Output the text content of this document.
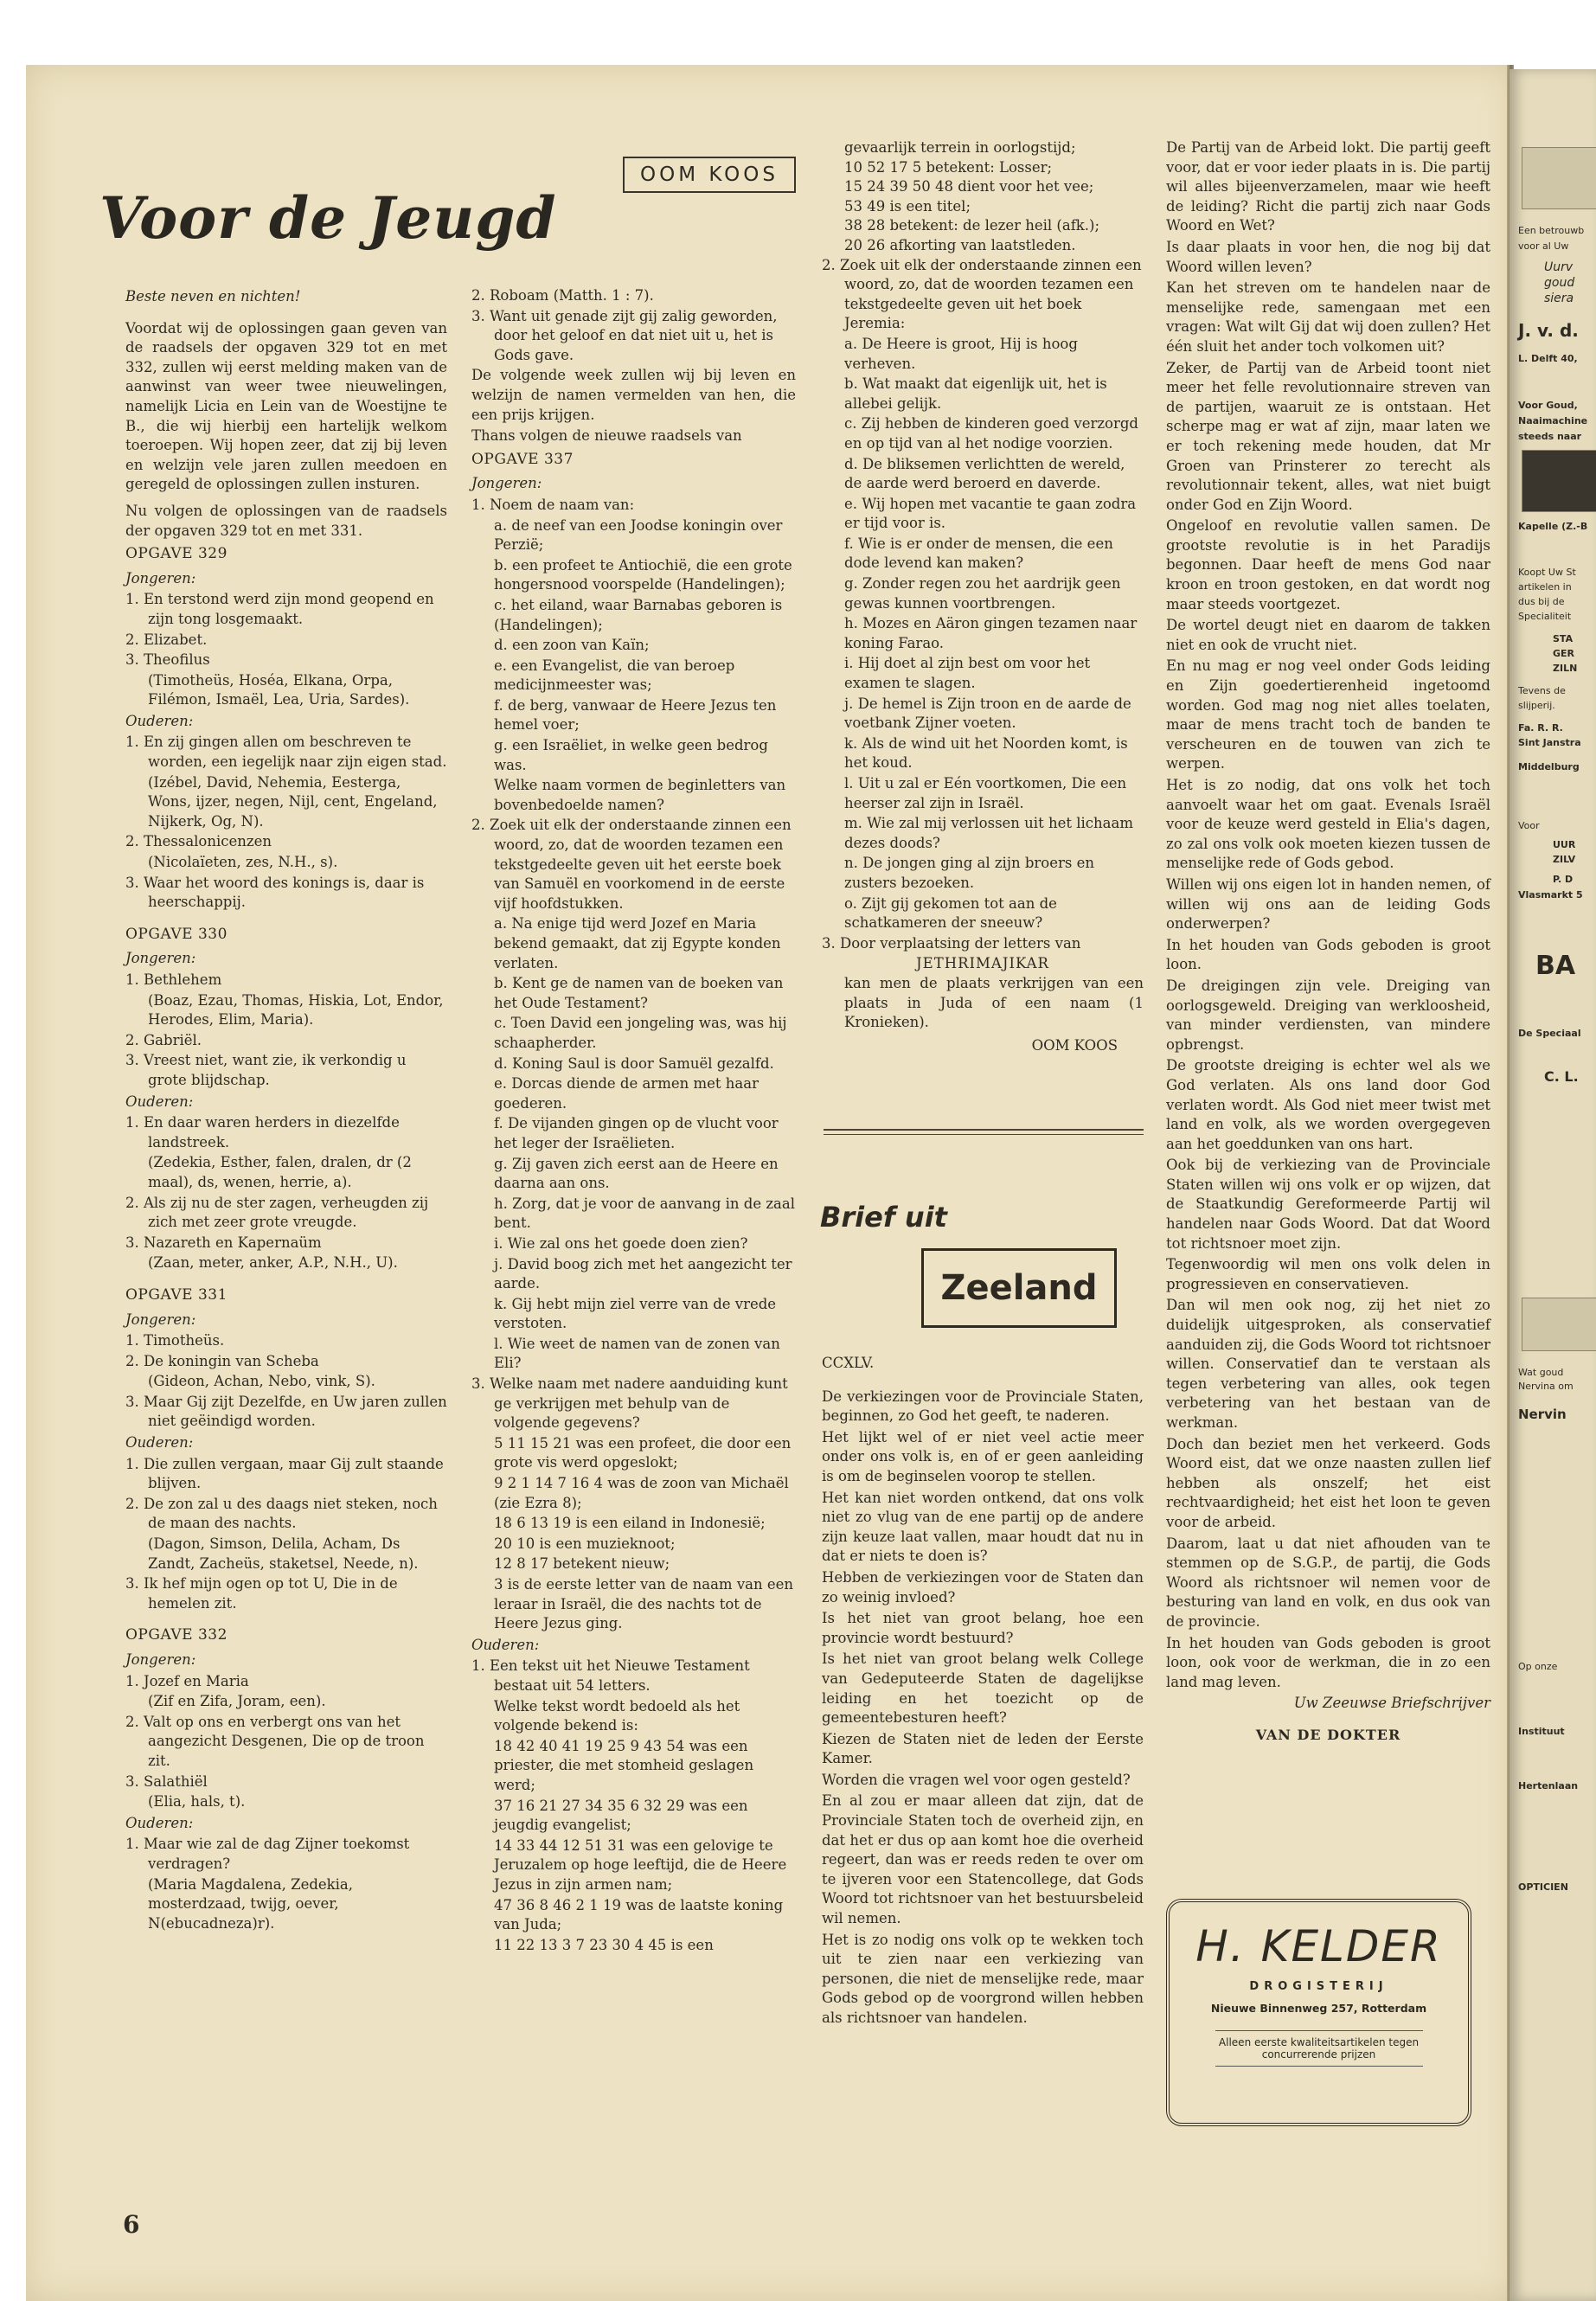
Voor de Jeugd
OOM KOOS

Beste neven en nichten!

Voordat wij de oplossingen gaan geven van de raadsels der opgaven 329 tot en met 332, zullen wij eerst melding maken van de aanwinst van weer twee nieuwelingen, namelijk Licia en Lein van de Woestijne te B., die wij hierbij een hartelijk welkom toeroepen. Wij hopen zeer, dat zij bij leven en welzijn vele jaren zullen meedoen en geregeld de oplossingen zullen insturen.

Nu volgen de oplossingen van de raadsels der opgaven 329 tot en met 331.

OPGAVE 329
Jongeren:
1. En terstond werd zijn mond geopend en zijn tong losgemaakt.
2. Elizabet.
3. Theofilus
(Timotheüs, Hoséa, Elkana, Orpa, Filémon, Ismaël, Lea, Uria, Sardes).
Ouderen:
1. En zij gingen allen om beschreven te worden, een iegelijk naar zijn eigen stad.
(Izébel, David, Nehemia, Eesterga, Wons, ijzer, negen, Nijl, cent, Engeland, Nijkerk, Og, N).
2. Thessalonicenzen
(Nicolaïeten, zes, N.H., s).
3. Waar het woord des konings is, daar is heerschappij.
OPGAVE 330
Jongeren:
1. Bethlehem
(Boaz, Ezau, Thomas, Hiskia, Lot, Endor, Herodes, Elim, Maria).
2. Gabriël.
3. Vreest niet, want zie, ik verkondig u grote blijdschap.
Ouderen:
1. En daar waren herders in diezelfde landstreek.
(Zedekia, Esther, falen, dralen, dr (2 maal), ds, wenen, herrie, a).
2. Als zij nu de ster zagen, verheugden zij zich met zeer grote vreugde.
3. Nazareth en Kapernaüm
(Zaan, meter, anker, A.P., N.H., U).
OPGAVE 331
Jongeren:
1. Timotheüs.
2. De koningin van Scheba
(Gideon, Achan, Nebo, vink, S).
3. Maar Gij zijt Dezelfde, en Uw jaren zullen niet geëindigd worden.
Ouderen:
1. Die zullen vergaan, maar Gij zult staande blijven.
2. De zon zal u des daags niet steken, noch de maan des nachts.
(Dagon, Simson, Delila, Acham, Ds Zandt, Zacheüs, staketsel, Neede, n).
3. Ik hef mijn ogen op tot U, Die in de hemelen zit.
OPGAVE 332
Jongeren:
1. Jozef en Maria
(Zif en Zifa, Joram, een).
2. Valt op ons en verbergt ons van het aangezicht Desgenen, Die op de troon zit.
3. Salathiël
(Elia, hals, t).
Ouderen:
1. Maar wie zal de dag Zijner toekomst verdragen?
(Maria Magdalena, Zedekia, mosterdzaad, twijg, oever, N(ebucadneza)r).
2. Roboam (Matth. 1 : 7).
3. Want uit genade zijt gij zalig geworden, door het geloof en dat niet uit u, het is Gods gave.

De volgende week zullen wij bij leven en welzijn de namen vermelden van hen, die een prijs krijgen.

Thans volgen de nieuwe raadsels van

OPGAVE 337
Jongeren:
1. Noem de naam van:
a. de neef van een Joodse koningin over Perzië;
b. een profeet te Antiochië, die een grote hongersnood voorspelde (Handelingen);
c. het eiland, waar Barnabas geboren is (Handelingen);
d. een zoon van Kaïn;
e. een Evangelist, die van beroep medicijnmeester was;
f. de berg, vanwaar de Heere Jezus ten hemel voer;
g. een Israëliet, in welke geen bedrog was.
Welke naam vormen de beginletters van bovenbedoelde namen?
2. Zoek uit elk der onderstaande zinnen een woord, zo, dat de woorden tezamen een tekstgedeelte geven uit het eerste boek van Samuël en voorkomend in de eerste vijf hoofdstukken.
a. Na enige tijd werd Jozef en Maria bekend gemaakt, dat zij Egypte konden verlaten.
b. Kent ge de namen van de boeken van het Oude Testament?
c. Toen David een jongeling was, was hij schaapherder.
d. Koning Saul is door Samuël gezalfd.
e. Dorcas diende de armen met haar goederen.
f. De vijanden gingen op de vlucht voor het leger der Israëlieten.
g. Zij gaven zich eerst aan de Heere en daarna aan ons.
h. Zorg, dat je voor de aanvang in de zaal bent.
i. Wie zal ons het goede doen zien?
j. David boog zich met het aangezicht ter aarde.
k. Gij hebt mijn ziel verre van de vrede verstoten.
l. Wie weet de namen van de zonen van Eli?
3. Welke naam met nadere aanduiding kunt ge verkrijgen met behulp van de volgende gegevens?
5 11 15 21 was een profeet, die door een grote vis werd opgeslokt;
9 2 1 14 7 16 4 was de zoon van Michaël (zie Ezra 8);
18 6 13 19 is een eiland in Indonesië;
20 10 is een muzieknoot;
12 8 17 betekent nieuw;
3 is de eerste letter van de naam van een leraar in Israël, die des nachts tot de Heere Jezus ging.
Ouderen:
1. Een tekst uit het Nieuwe Testament bestaat uit 54 letters.
Welke tekst wordt bedoeld als het volgende bekend is:
18 42 40 41 19 25 9 43 54 was een priester, die met stomheid geslagen werd;
37 16 21 27 34 35 6 32 29 was een jeugdig evangelist;
14 33 44 12 51 31 was een gelovige te Jeruzalem op hoge leeftijd, die de Heere Jezus in zijn armen nam;
47 36 8 46 2 1 19 was de laatste koning van Juda;
11 22 13 3 7 23 30 4 45 is een
gevaarlijk terrein in oorlogstijd;
10 52 17 5 betekent: Losser;
15 24 39 50 48 dient voor het vee;
53 49 is een titel;
38 28 betekent: de lezer heil (afk.);
20 26 afkorting van laatstleden.
2. Zoek uit elk der onderstaande zinnen een woord, zo, dat de woorden tezamen een tekstgedeelte geven uit het boek Jeremia:
a. De Heere is groot, Hij is hoog verheven.
b. Wat maakt dat eigenlijk uit, het is allebei gelijk.
c. Zij hebben de kinderen goed verzorgd en op tijd van al het nodige voorzien.
d. De bliksemen verlichtten de wereld, de aarde werd beroerd en daverde.
e. Wij hopen met vacantie te gaan zodra er tijd voor is.
f. Wie is er onder de mensen, die een dode levend kan maken?
g. Zonder regen zou het aardrijk geen gewas kunnen voortbrengen.
h. Mozes en Aäron gingen tezamen naar koning Farao.
i. Hij doet al zijn best om voor het examen te slagen.
j. De hemel is Zijn troon en de aarde de voetbank Zijner voeten.
k. Als de wind uit het Noorden komt, is het koud.
l. Uit u zal er Eén voortkomen, Die een heerser zal zijn in Israël.
m. Wie zal mij verlossen uit het lichaam dezes doods?
n. De jongen ging al zijn broers en zusters bezoeken.
o. Zijt gij gekomen tot aan de schatkameren der sneeuw?
3. Door verplaatsing der letters van
JETHRIMAJIKAR
kan men de plaats verkrijgen van een plaats in Juda of een naam (1 Kronieken).
OOM KOOS
Brief uit
Zeeland

CCXLV.

De verkiezingen voor de Provinciale Staten, beginnen, zo God het geeft, te naderen.

Het lijkt wel of er niet veel actie meer onder ons volk is, en of er geen aanleiding is om de beginselen voorop te stellen.

Het kan niet worden ontkend, dat ons volk niet zo vlug van de ene partij op de andere zijn keuze laat vallen, maar houdt dat nu in dat er niets te doen is?

Hebben de verkiezingen voor de Staten dan zo weinig invloed?

Is het niet van groot belang, hoe een provincie wordt bestuurd?

Is het niet van groot belang welk College van Gedeputeerde Staten de dagelijkse leiding en het toezicht op de gemeentebesturen heeft?

Kiezen de Staten niet de leden der Eerste Kamer.

Worden die vragen wel voor ogen gesteld?

En al zou er maar alleen dat zijn, dat de Provinciale Staten toch de overheid zijn, en dat het er dus op aan komt hoe die overheid regeert, dan was er reeds reden te over om te ijveren voor een Statencollege, dat Gods Woord tot richtsnoer van het bestuursbeleid wil nemen.

Het is zo nodig ons volk op te wekken toch uit te zien naar een verkiezing van personen, die niet de menselijke rede, maar Gods gebod op de voorgrond willen hebben als richtsnoer van handelen.

De Partij van de Arbeid lokt. Die partij geeft voor, dat er voor ieder plaats in is. Die partij wil alles bijeenverzamelen, maar wie heeft de leiding? Richt die partij zich naar Gods Woord en Wet?

Is daar plaats in voor hen, die nog bij dat Woord willen leven?

Kan het streven om te handelen naar de menselijke rede, samengaan met een vragen: Wat wilt Gij dat wij doen zullen? Het één sluit het ander toch volkomen uit?

Zeker, de Partij van de Arbeid toont niet meer het felle revolutionnaire streven van de partijen, waaruit ze is ontstaan. Het scherpe mag er wat af zijn, maar laten we er toch rekening mede houden, dat Mr Groen van Prinsterer zo terecht als revolutionnair tekent, alles, wat niet buigt onder God en Zijn Woord.

Ongeloof en revolutie vallen samen. De grootste revolutie is in het Paradijs begonnen. Daar heeft de mens God naar kroon en troon gestoken, en dat wordt nog maar steeds voortgezet.

De wortel deugt niet en daarom de takken niet en ook de vrucht niet.

En nu mag er nog veel onder Gods leiding en Zijn goedertierenheid ingetoomd worden. God mag nog niet alles toelaten, maar de mens tracht toch de banden te verscheuren en de touwen van zich te werpen.

Het is zo nodig, dat ons volk het toch aanvoelt waar het om gaat. Evenals Israël voor de keuze werd gesteld in Elia's dagen, zo zal ons volk ook moeten kiezen tussen de menselijke rede of Gods gebod.

Willen wij ons eigen lot in handen nemen, of willen wij ons aan de leiding Gods onderwerpen?

In het houden van Gods geboden is groot loon.

De dreigingen zijn vele. Dreiging van oorlogsgeweld. Dreiging van werkloosheid, van minder verdiensten, van mindere opbrengst.

De grootste dreiging is echter wel als we God verlaten. Als ons land door God verlaten wordt. Als God niet meer twist met land en volk, als we worden overgegeven aan het goeddunken van ons hart.

Ook bij de verkiezing van de Provinciale Staten willen wij ons volk er op wijzen, dat de Staatkundig Gereformeerde Partij wil handelen naar Gods Woord. Dat dat Woord tot richtsnoer moet zijn.

Tegenwoordig wil men ons volk delen in progressieven en conservatieven.

Dan wil men ook nog, zij het niet zo duidelijk uitgesproken, als conservatief aanduiden zij, die Gods Woord tot richtsnoer willen. Conservatief dan te verstaan als tegen verbetering van alles, ook tegen verbetering van het bestaan van de werkman.

Doch dan beziet men het verkeerd. Gods Woord eist, dat we onze naasten zullen lief hebben als onszelf; het eist rechtvaardigheid; het eist het loon te geven voor de arbeid.

Daarom, laat u dat niet afhouden van te stemmen op de S.G.P., de partij, die Gods Woord als richtsnoer wil nemen voor de besturing van land en volk, en dus ook van de provincie.

In het houden van Gods geboden is groot loon, ook voor de werkman, die in zo een land mag leven.

Uw Zeeuwse Briefschrijver

VAN DE DOKTER

H. KELDER
DROGISTERIJ
Nieuwe Binnenweg 257, Rotterdam
Alleen eerste kwaliteitsartikelen tegen concurrerende prijzen
6
Een betrouwb
voor al Uw
Uurv
goud
siera
J. v. d.
L. Delft 40,
Voor Goud,
Naaimachine
steeds naar
Kapelle (Z.-B
Koopt Uw St
artikelen in
dus bij de
Specialiteit
STA
GER
ZILN
Tevens de
slijperij.
Fa. R. R.
Sint Janstra
Middelburg
Voor
UUR
ZILV
P. D
Vlasmarkt 5
BA
De Speciaal
C. L.
Wat goud
Nervina om
Nervin
Op onze
Instituut
Hertenlaan
OPTICIEN
